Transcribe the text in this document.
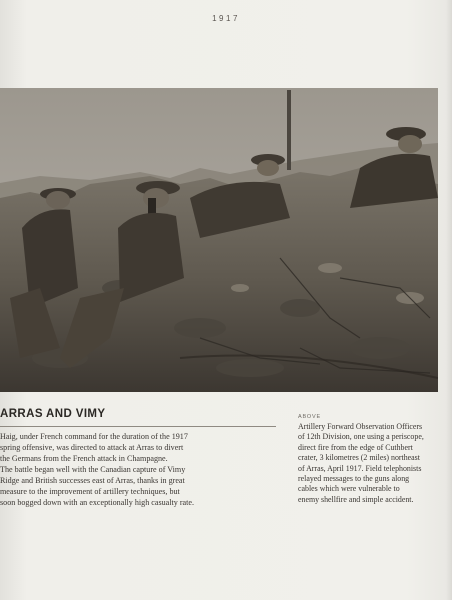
1917
ARRAS AND VIMY
Haig, under French command for the duration of the 1917
spring offensive, was directed to attack at Arras to divert
the Germans from the French attack in Champagne.
The battle began well with the Canadian capture of Vimy
Ridge and British successes east of Arras, thanks in great
measure to the improvement of artillery techniques, but
soon bogged down with an exceptionally high casualty rate.
ABOVE
Artillery Forward Observation Officers
of 12th Division, one using a periscope,
direct fire from the edge of Cuthbert
crater, 3 kilometres (2 miles) northeast
of Arras, April 1917. Field telephonists
relayed messages to the guns along
cables which were vulnerable to
enemy shellfire and simple accident.
